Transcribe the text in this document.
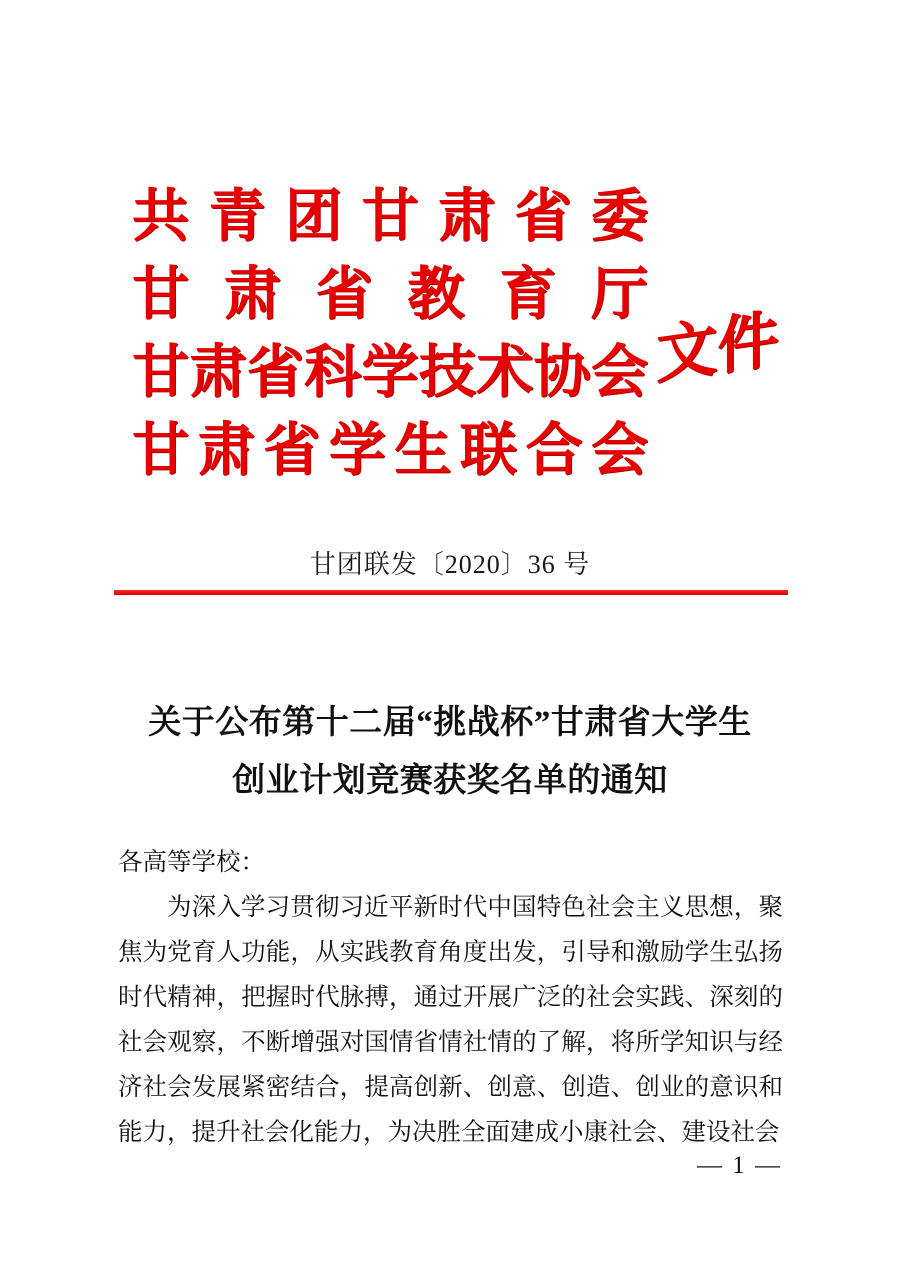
共 青 团 甘 肃 省 委
甘 肃 省 教 育 厅
甘 肃 省 科 学 技 术 协 会
甘 肃 省 学 生 联 合 会
文件
甘团联发〔2020〕36 号
关于公布第十二届“挑战杯”甘肃省大学生
创业计划竞赛获奖名单的通知
各高等学校：

为深入学习贯彻习近平新时代中国特色社会主义思想，聚焦为党育人功能，从实践教育角度出发，引导和激励学生弘扬时代精神，把握时代脉搏，通过开展广泛的社会实践、深刻的社会观察，不断增强对国情省情社情的了解，将所学知识与经济社会发展紧密结合，提高创新、创意、创造、创业的意识和能力，提升社会化能力，为决胜全面建成小康社会、建设社会

— 1 —
